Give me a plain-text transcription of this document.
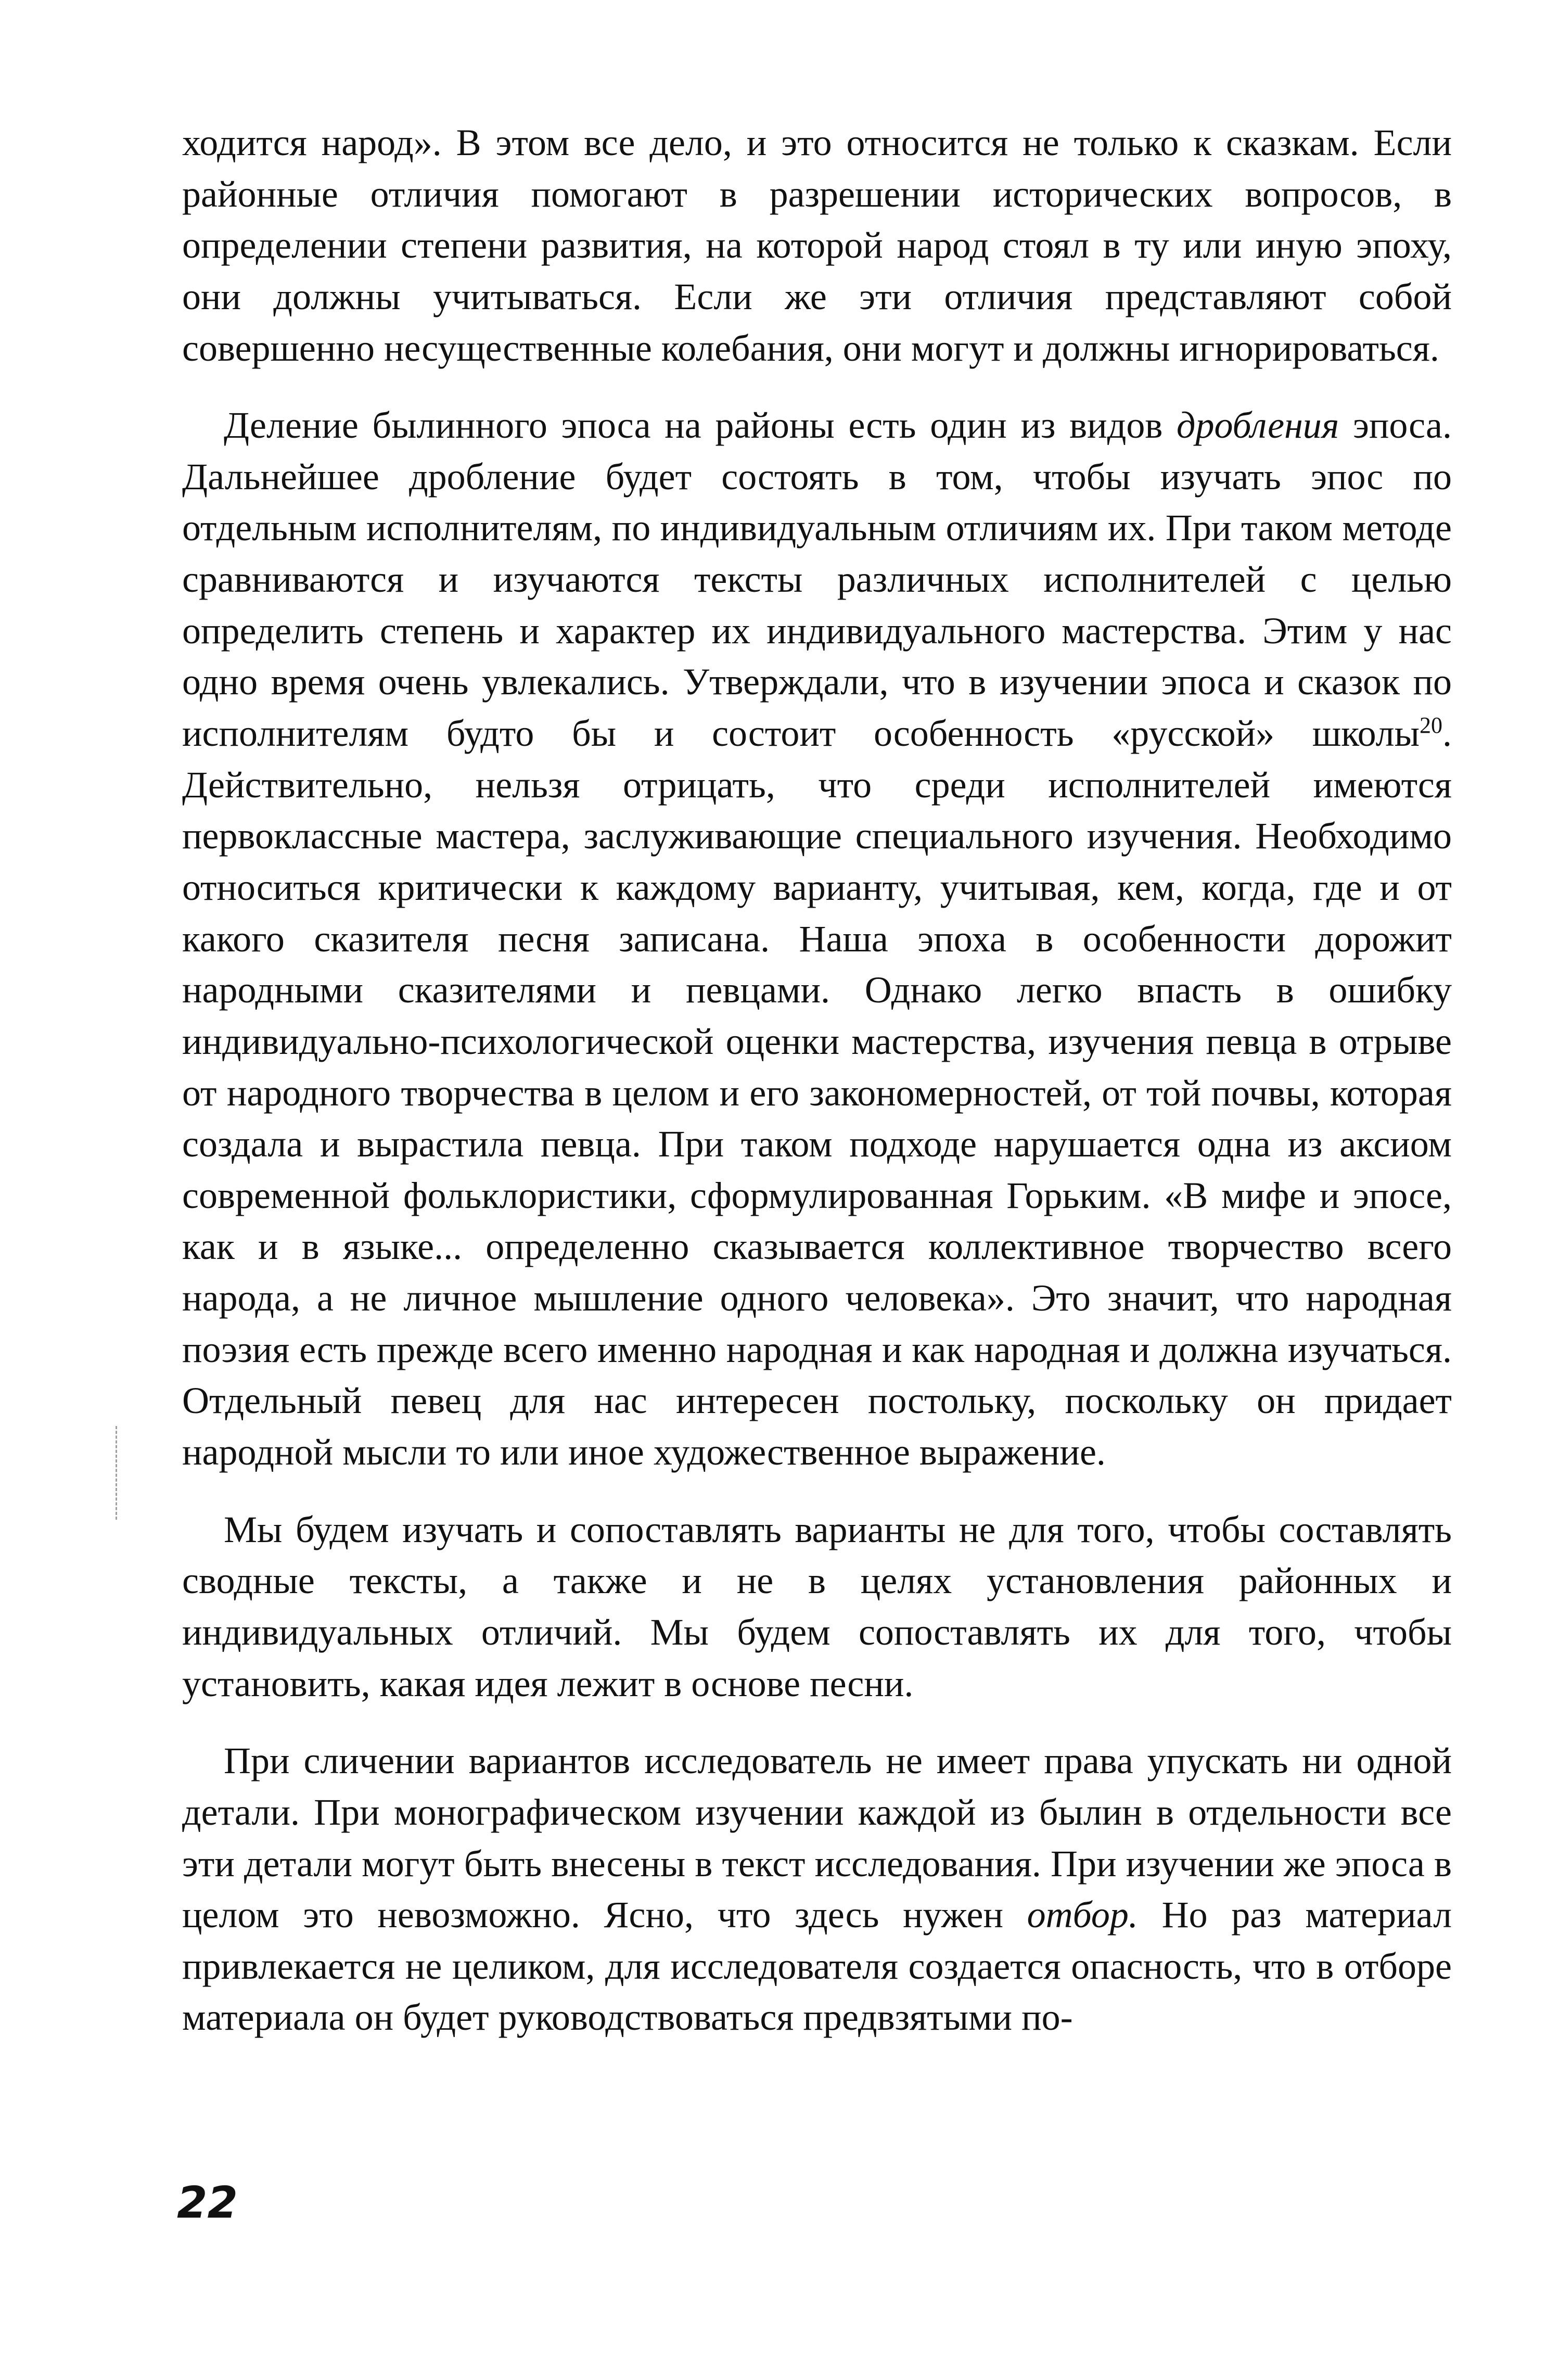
ходится народ». В этом все дело, и это относится не только к сказкам. Если районные отличия помогают в разрешении исторических вопросов, в определении степени развития, на которой народ стоял в ту или иную эпоху, они должны учитываться. Если же эти отличия представляют собой совершенно несущественные колебания, они могут и должны игнорироваться.

Деление былинного эпоса на районы есть один из видов дробления эпоса. Дальнейшее дробление будет состоять в том, чтобы изучать эпос по отдельным исполнителям, по индивидуальным отличиям их. При таком методе сравниваются и изучаются тексты различных исполнителей с целью определить степень и характер их индивидуального мастерства. Этим у нас одно время очень увлекались. Утверждали, что в изучении эпоса и сказок по исполнителям будто бы и состоит особенность «русской» школы$^{20}$. Действительно, нельзя отрицать, что среди исполнителей имеются первоклассные мастера, заслуживающие специального изучения. Необходимо относиться критически к каждому варианту, учитывая, кем, когда, где и от какого сказителя песня записана. Наша эпоха в особенности дорожит народными сказителями и певцами. Однако легко впасть в ошибку индивидуально-психологической оценки мастерства, изучения певца в отрыве от народного творчества в целом и его закономерностей, от той почвы, которая создала и вырастила певца. При таком подходе нарушается одна из аксиом современной фольклористики, сформулированная Горьким. «В мифе и эпосе, как и в языке... определенно сказывается коллективное творчество всего народа, а не личное мышление одного человека». Это значит, что народная поэзия есть прежде всего именно народная и как народная и должна изучаться. Отдельный певец для нас интересен постольку, поскольку он придает народной мысли то или иное художественное выражение.

Мы будем изучать и сопоставлять варианты не для того, чтобы составлять сводные тексты, а также и не в целях установления районных и индивидуальных отличий. Мы будем сопоставлять их для того, чтобы установить, какая идея лежит в основе песни.

При сличении вариантов исследователь не имеет права упускать ни одной детали. При монографическом изучении каждой из былин в отдельности все эти детали могут быть внесены в текст исследования. При изучении же эпоса в целом это невозможно. Ясно, что здесь нужен отбор. Но раз материал привлекается не целиком, для исследователя создается опасность, что в отборе материала он будет руководствоваться предвзятыми по-

22
